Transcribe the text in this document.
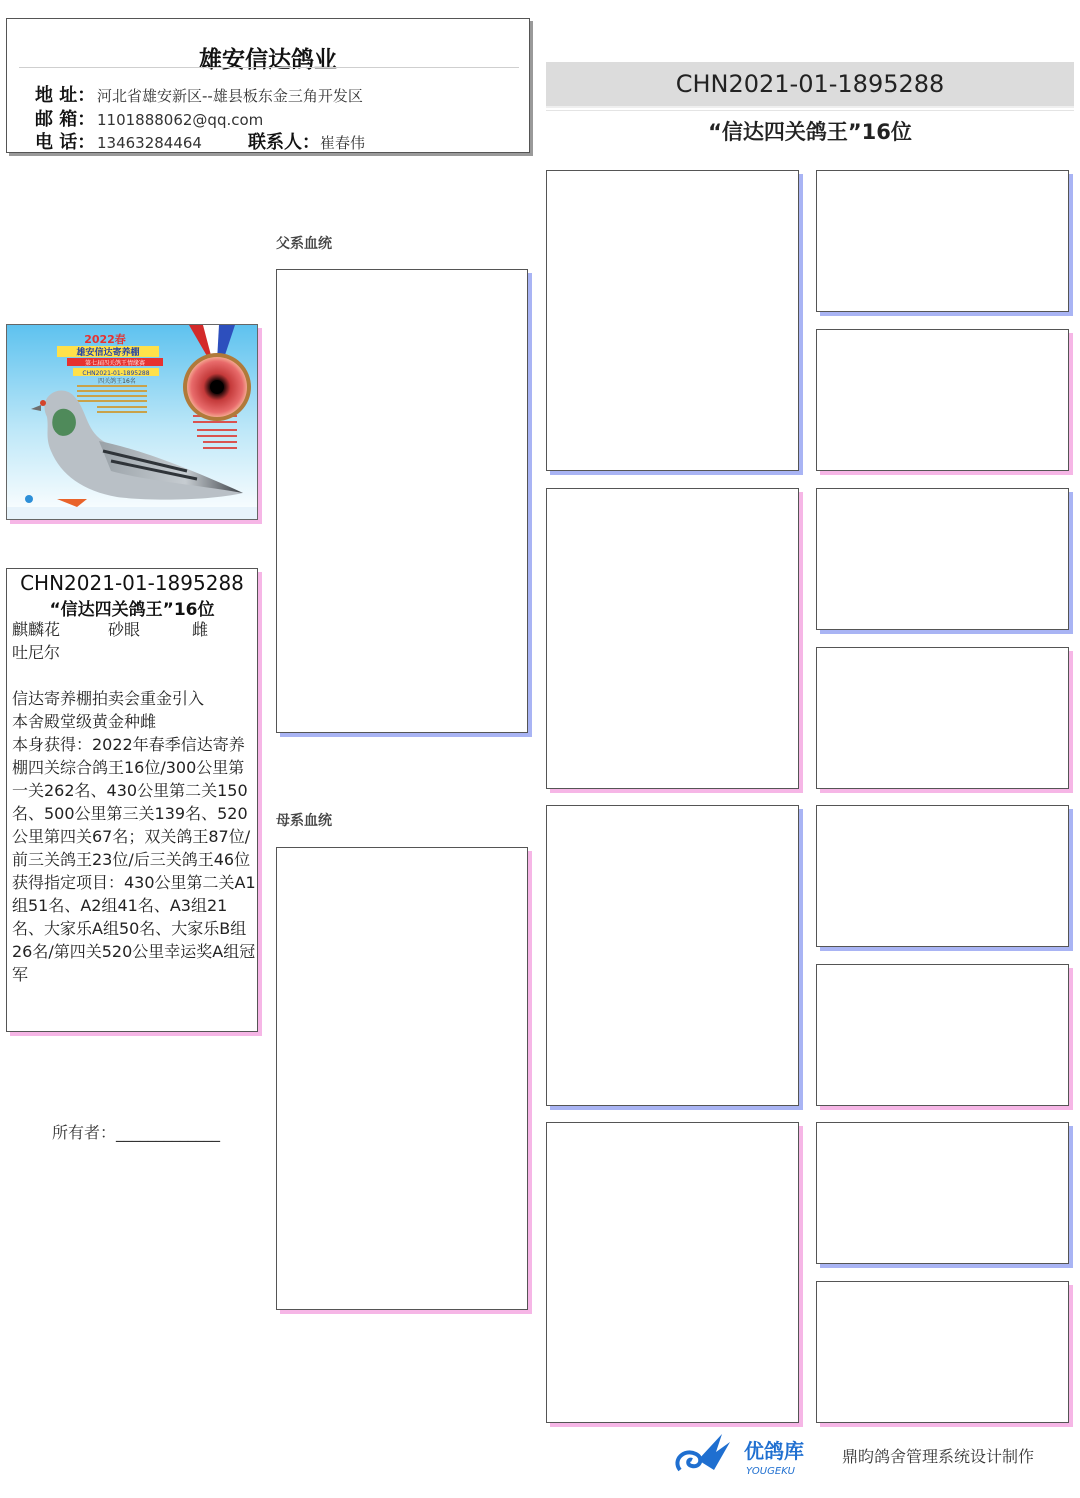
雄安信达鸽业
地 址： 河北省雄安新区--雄县板东金三角开发区
邮 箱： 1101888062@qq.com
电 话： 13463284464	联系人：崔春伟
CHN2021-01-1895288
“信达四关鸽王”16位
2022春
雄安信达寄养棚
第七届四关鸽王情缘赛
CHN2021-01-1895288
四关鸽王16名
CHN2021-01-1895288
“信达四关鸽王”16位
麒麟花	砂眼	雌
吐尼尔
信达寄养棚拍卖会重金引入
本舍殿堂级黄金种雌
本身获得：2022年春季信达寄养棚四关综合鸽王16位/300公里第一关262名、430公里第二关150名、500公里第三关139名、520公里第四关67名；双关鸽王87位/前三关鸽王23位/后三关鸽王46位
获得指定项目：430公里第二关A1组51名、A2组41名、A3组21名、大家乐A组50名、大家乐B组26名/第四关520公里幸运奖A组冠军
所有者：_____________
父系血统
母系血统
优鸽库
YOUGEKU
鼎昀鸽舍管理系统设计制作
